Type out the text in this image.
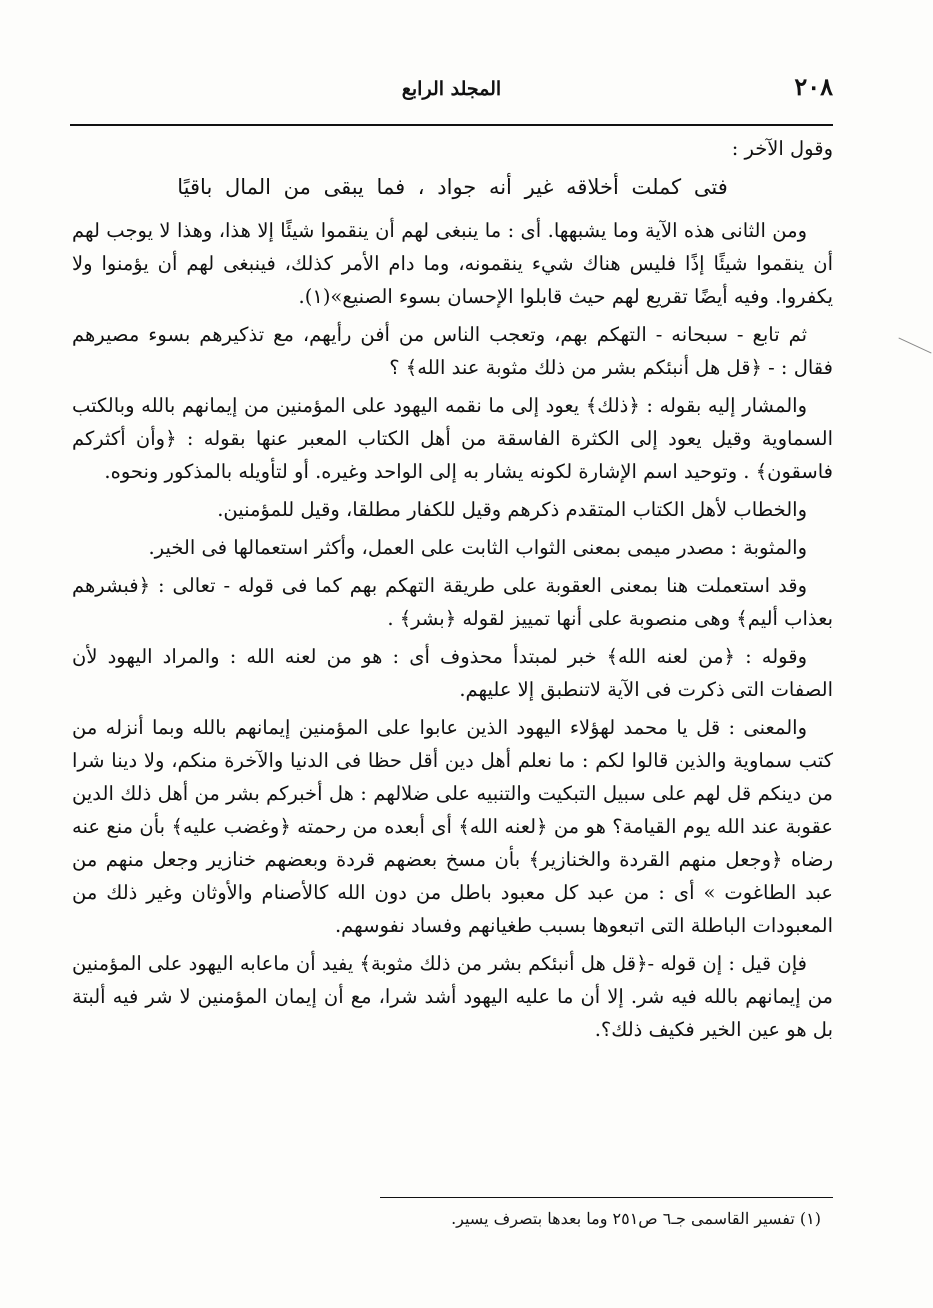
٢٠٨
المجلد الرابع

وقول الآخر :

فتى كملت أخلاقه غير أنه جواد ، فما يبقى من المال باقيًا

ومن الثانى هذه الآية وما يشبهها. أى : ما ينبغى لهم أن ينقموا شيئًا إلا هذا، وهذا لا يوجب لهم أن ينقموا شيئًا إذًا فليس هناك شيء ينقمونه، وما دام الأمر كذلك، فينبغى لهم أن يؤمنوا ولا يكفروا. وفيه أيضًا تقريع لهم حيث قابلوا الإحسان بسوء الصنيع»(١).

ثم تابع - سبحانه - التهكم بهم، وتعجب الناس من أفن رأيهم، مع تذكيرهم بسوء مصيرهم فقال : - ﴿قل هل أنبئكم بشر من ذلك مثوبة عند الله﴾ ؟

والمشار إليه بقوله : ﴿ذلك﴾ يعود إلى ما نقمه اليهود على المؤمنين من إيمانهم بالله وبالكتب السماوية وقيل يعود إلى الكثرة الفاسقة من أهل الكتاب المعبر عنها بقوله : ﴿وأن أكثركم فاسقون﴾ . وتوحيد اسم الإشارة لكونه يشار به إلى الواحد وغيره. أو لتأويله بالمذكور ونحوه.

والخطاب لأهل الكتاب المتقدم ذكرهم وقيل للكفار مطلقا، وقيل للمؤمنين.

والمثوبة : مصدر ميمى بمعنى الثواب الثابت على العمل، وأكثر استعمالها فى الخير.

وقد استعملت هنا بمعنى العقوبة على طريقة التهكم بهم كما فى قوله - تعالى : ﴿فبشرهم بعذاب أليم﴾ وهى منصوبة على أنها تمييز لقوله ﴿بشر﴾ .

وقوله : ﴿من لعنه الله﴾ خبر لمبتدأ محذوف أى : هو من لعنه الله : والمراد اليهود لأن الصفات التى ذكرت فى الآية لاتنطبق إلا عليهم.

والمعنى : قل يا محمد لهؤلاء اليهود الذين عابوا على المؤمنين إيمانهم بالله وبما أنزله من كتب سماوية والذين قالوا لكم : ما نعلم أهل دين أقل حظا فى الدنيا والآخرة منكم، ولا دينا شرا من دينكم قل لهم على سبيل التبكيت والتنبيه على ضلالهم : هل أخبركم بشر من أهل ذلك الدين عقوبة عند الله يوم القيامة؟ هو من ﴿لعنه الله﴾ أى أبعده من رحمته ﴿وغضب عليه﴾ بأن منع عنه رضاه ﴿وجعل منهم القردة والخنازير﴾ بأن مسخ بعضهم قردة وبعضهم خنازير وجعل منهم من عبد الطاغوت » أى : من عبد كل معبود باطل من دون الله كالأصنام والأوثان وغير ذلك من المعبودات الباطلة التى اتبعوها بسبب طغيانهم وفساد نفوسهم.

فإن قيل : إن قوله -﴿قل هل أنبئكم بشر من ذلك مثوبة﴾ يفيد أن ماعابه اليهود على المؤمنين من إيمانهم بالله فيه شر. إلا أن ما عليه اليهود أشد شرا، مع أن إيمان المؤمنين لا شر فيه ألبتة بل هو عين الخير فكيف ذلك؟.

(١) تفسير القاسمى جـ٦ ص٢٥١ وما بعدها بتصرف يسير.
